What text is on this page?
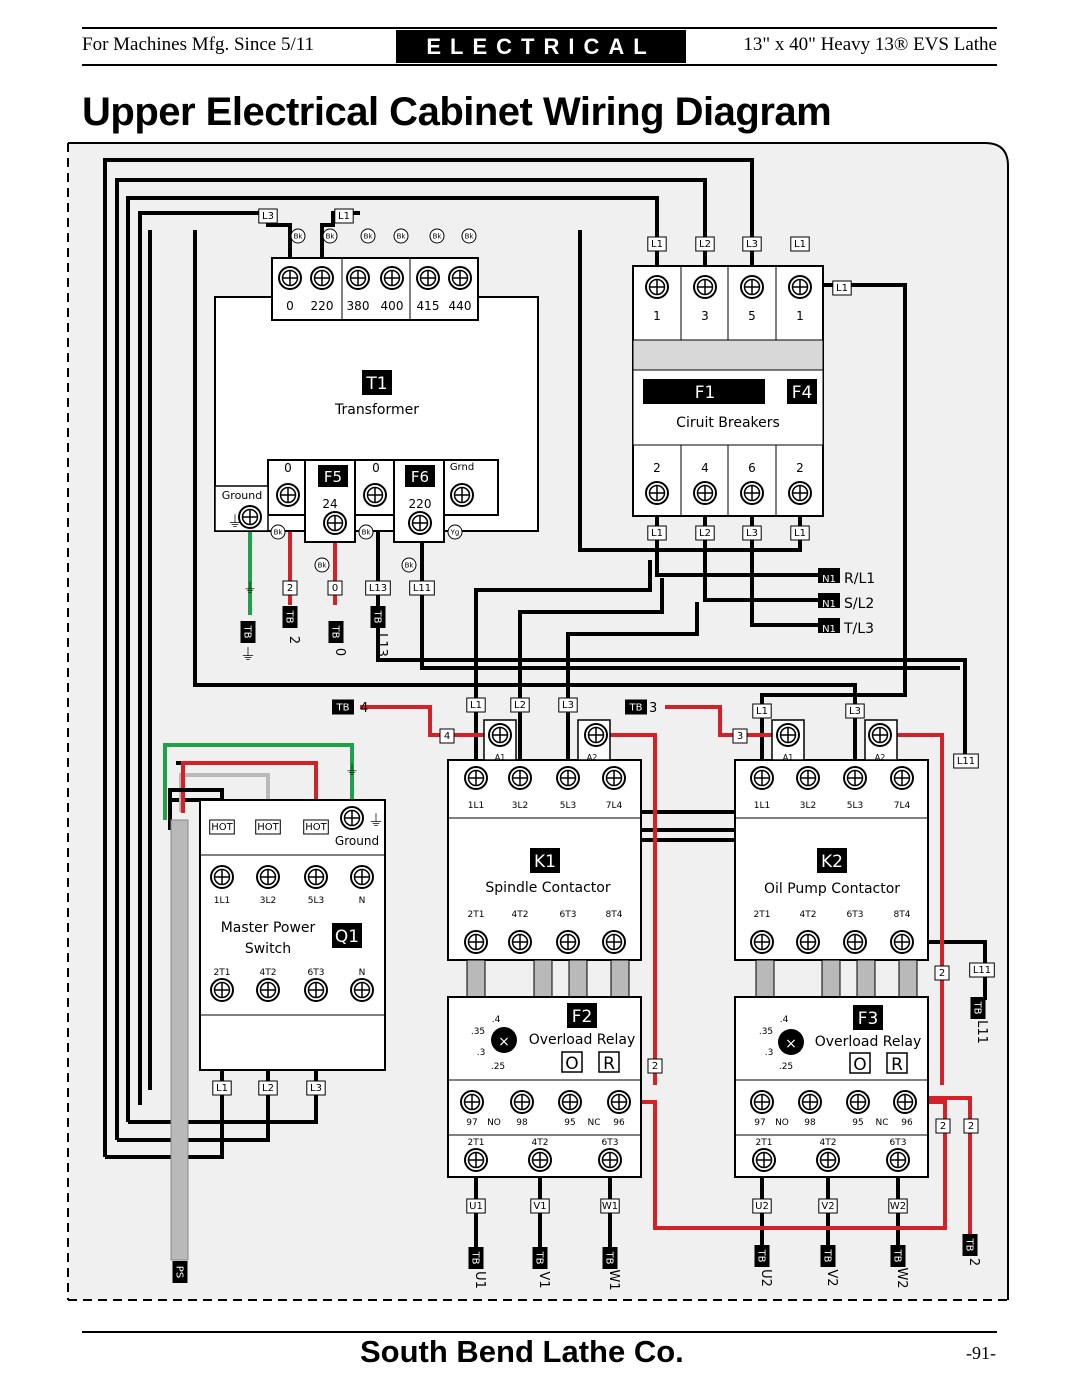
For Machines Mfg. Since 5/11	ELECTRICAL	13" x 40" Heavy 13® EVS Lathe
Upper Electrical Cabinet Wiring Diagram
T1
Transformer
F5	F6
⏚
F1	F4
Ciruit Breakers
Q1
Master Power
Switch
Ground
⏚
K1
Spindle Contactor
×
F2
Overload Relay
O R
K2
Oil Pump Contactor
×
F3
Overload Relay
O R
0 220 380 400 415 440
L3	L1
Bk	Bk	Bk	Bk	Bk	Bk
Ground
0	0	Grnd
24	220
Bk
Bk
Bk
Bk
Yg
1
2
L1
L1
3
4
L2
L2
5
6
L3
L3
1
2
L1
L1
L1
N1 R/L1
N1 S/L2
N1 T/L3
2	0	L13	L11
⏚
TB
⏚
TB
2
TB
0
TB
L13
TB 4	TB 3
4	3
L1	L2	L3
L1	L3
L11
A1	A2	A1	A2
1L1
2T1
3L2
4T2
5L3
6T3
7L4
8T4
1L1
2T1
3L2
4T2
5L3
6T3
7L4
8T4
.4
.35
.3
.25
97 NO 98	95 NC 96
2T1	4T2	6T3
.4
.35
.3
.25
97 NO 98	95 NC 96
2T1	4T2	6T3
2
2
2 2
L11
TB
L11
TB
2
HOT HOT	HOT
1L1
2T1
3L2
4T2
5L3
6T3
N
N
L1	L2	L3
⏚
U1
TB
U1
V1
TB
V1
W1
TB
W1
U2
TB
U2
V2
TB
V2
W2
TB
W2
PS
South Bend Lathe Co.	-91-
